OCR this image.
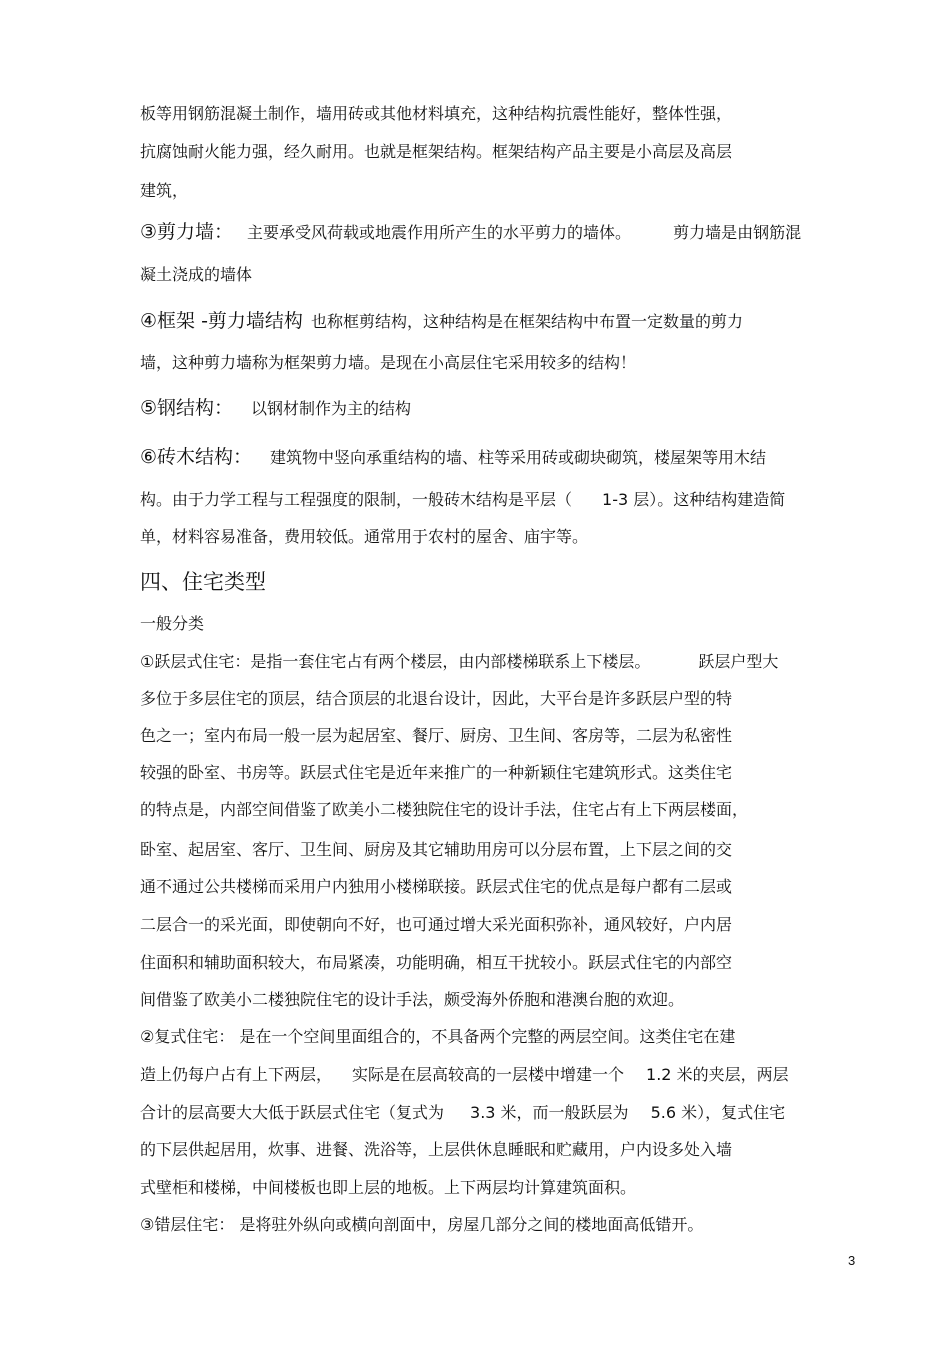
板等用钢筋混凝土制作，墙用砖或其他材料填充，这种结构抗震性能好，整体性强，
抗腐蚀耐火能力强，经久耐用。也就是框架结构。框架结构产品主要是小高层及高层
建筑，
③剪力墙： 主要承受风荷载或地震作用所产生的水平剪力的墙体。	剪力墙是由钢筋混
凝土浇成的墙体
④框架 -剪力墙结构 也称框剪结构，这种结构是在框架结构中布置一定数量的剪力
墙，这种剪力墙称为框架剪力墙。是现在小高层住宅采用较多的结构！
⑤钢结构： 以钢材制作为主的结构
⑥砖木结构： 建筑物中竖向承重结构的墙、柱等采用砖或砌块砌筑，楼屋架等用木结
构。由于力学工程与工程强度的限制，一般砖木结构是平层（ 1-3 层）。这种结构建造简
单，材料容易准备，费用较低。通常用于农村的屋舍、庙宇等。
四、住宅类型
一般分类
①跃层式住宅：是指一套住宅占有两个楼层，由内部楼梯联系上下楼层。	跃层户型大
多位于多层住宅的顶层，结合顶层的北退台设计，因此，大平台是许多跃层户型的特
色之一；室内布局一般一层为起居室、餐厅、厨房、卫生间、客房等，二层为私密性
较强的卧室、书房等。跃层式住宅是近年来推广的一种新颖住宅建筑形式。这类住宅
的特点是，内部空间借鉴了欧美小二楼独院住宅的设计手法，住宅占有上下两层楼面，
卧室、起居室、客厅、卫生间、厨房及其它辅助用房可以分层布置，上下层之间的交
通不通过公共楼梯而采用户内独用小楼梯联接。跃层式住宅的优点是每户都有二层或
二层合一的采光面，即使朝向不好，也可通过增大采光面积弥补，通风较好，户内居
住面积和辅助面积较大，布局紧凑，功能明确，相互干扰较小。跃层式住宅的内部空
间借鉴了欧美小二楼独院住宅的设计手法，颇受海外侨胞和港澳台胞的欢迎。
②复式住宅： 是在一个空间里面组合的，不具备两个完整的两层空间。这类住宅在建
造上仍每户占有上下两层， 实际是在层高较高的一层楼中增建一个 1.2 米的夹层，两层
合计的层高要大大低于跃层式住宅（复式为 3.3 米，而一般跃层为 5.6 米），复式住宅
的下层供起居用，炊事、进餐、洗浴等，上层供休息睡眠和贮藏用，户内设多处入墙
式壁柜和楼梯，中间楼板也即上层的地板。上下两层均计算建筑面积。
③错层住宅： 是将驻外纵向或横向剖面中，房屋几部分之间的楼地面高低错开。
3
